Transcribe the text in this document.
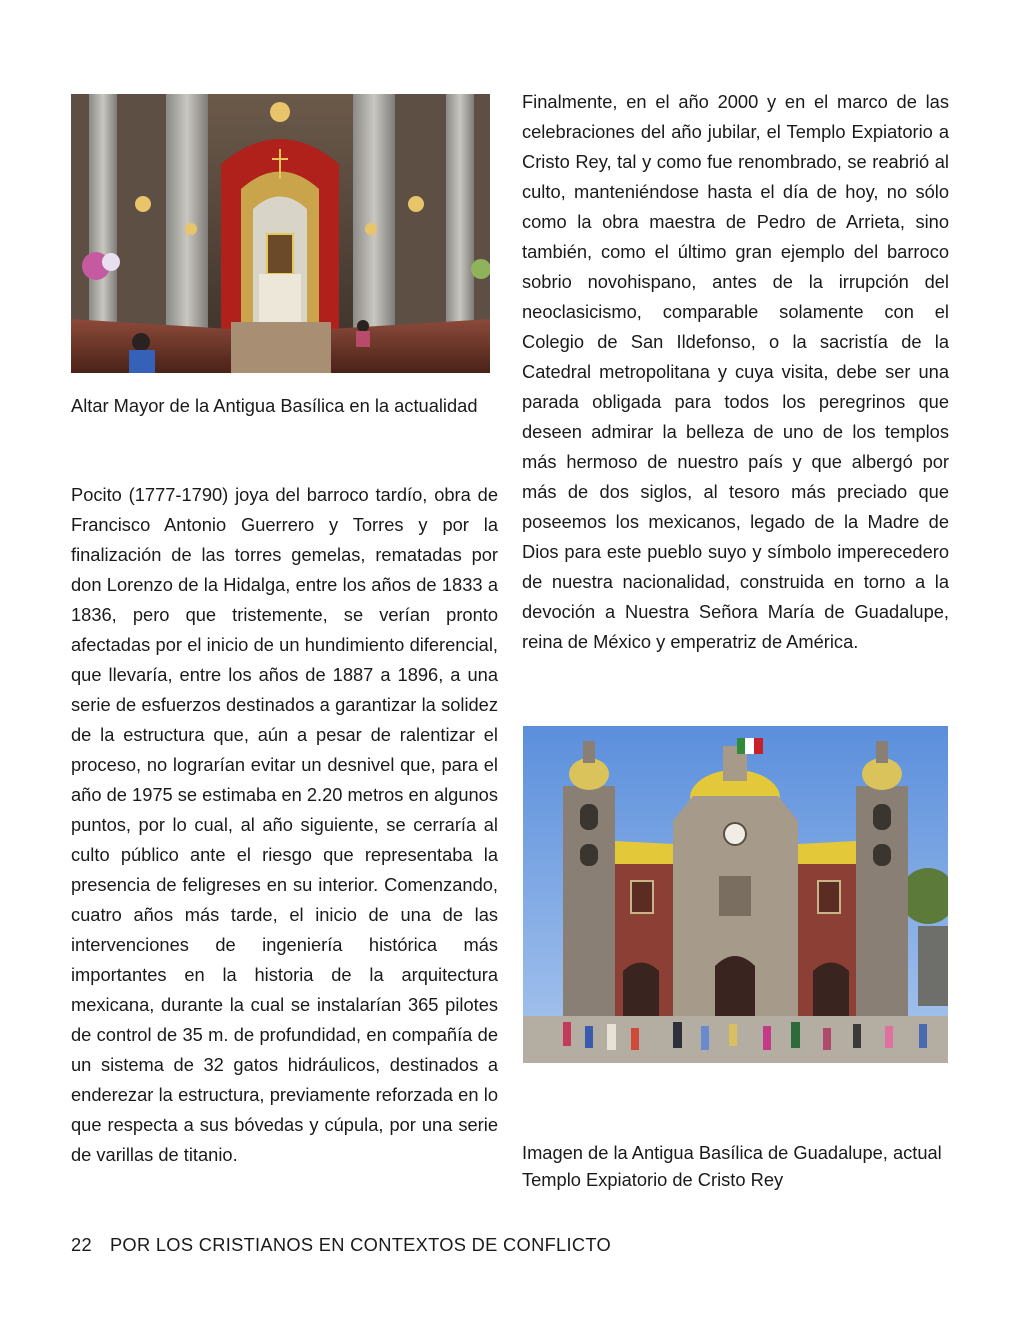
Altar Mayor de la Antigua Basílica en la actualidad

Pocito (1777-1790) joya del barroco tardío, obra de Francisco Antonio Guerrero y Torres y por la finalización de las torres gemelas, rematadas por don Lorenzo de la Hidalga, entre los años de 1833 a 1836, pero que tristemente, se verían pronto afectadas por el inicio de un hundimiento diferencial, que llevaría, entre los años de 1887 a 1896, a una serie de esfuerzos destinados a garantizar la solidez de la estructura que, aún a pesar de ralentizar el proceso, no lograrían evitar un desnivel que, para el año de 1975 se estimaba en 2.20 metros en algunos puntos, por lo cual, al año siguiente, se cerraría al culto público ante el riesgo que representaba la presencia de feligreses en su interior. Comenzando, cuatro años más tarde, el inicio de una de las intervenciones de ingeniería histórica más importantes en la historia de la arquitectura mexicana, durante la cual se instalarían 365 pilotes de control de 35 m. de profundidad, en compañía de un sistema de 32 gatos hidráulicos, destinados a enderezar la estructura, previamente reforzada en lo que respecta a sus bóvedas y cúpula, por una serie de varillas de titanio.

Finalmente, en el año 2000 y en el marco de las celebraciones del año jubilar, el Templo Expiatorio a Cristo Rey, tal y como fue renombrado, se reabrió al culto, manteniéndose hasta el día de hoy, no sólo como la obra maestra de Pedro de Arrieta, sino también, como el último gran ejemplo del barroco sobrio novohispano, antes de la irrupción del neoclasicismo, comparable solamente con el Colegio de San Ildefonso, o la sacristía de la Catedral metropolitana y cuya visita, debe ser una parada obligada para todos los peregrinos que deseen admirar la belleza de uno de los templos más hermoso de nuestro país y que albergó por más de dos siglos, al tesoro más preciado que poseemos los mexicanos, legado de la Madre de Dios para este pueblo suyo y símbolo imperecedero de nuestra nacionalidad, construida en torno a la devoción a Nuestra Señora María de Guadalupe, reina de México y emperatriz de América.

Imagen de la Antigua Basílica de Guadalupe, actual Templo Expiatorio de Cristo Rey

22 POR LOS CRISTIANOS EN CONTEXTOS DE CONFLICTO
